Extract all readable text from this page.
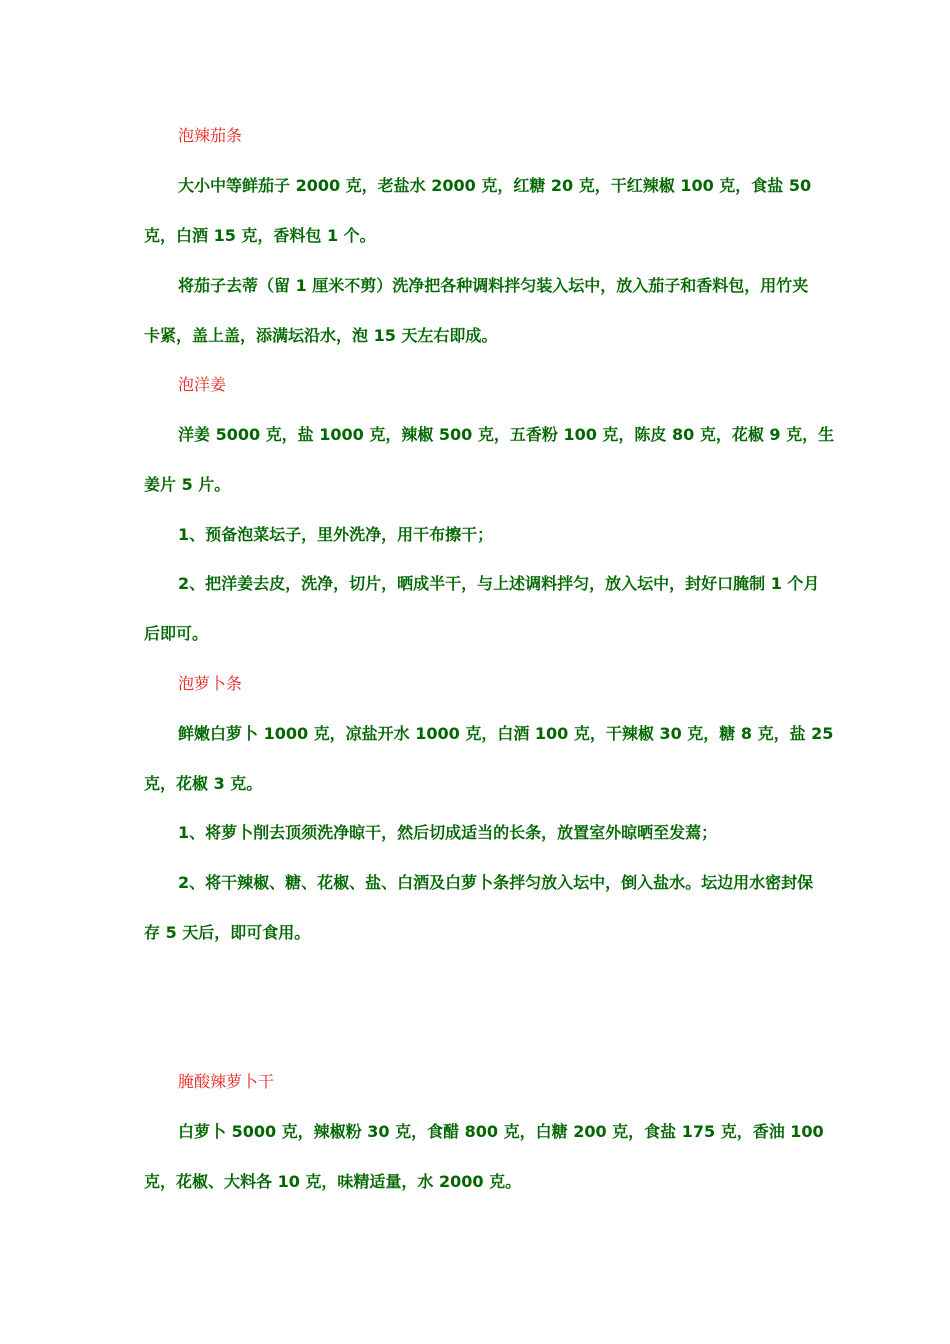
泡辣茄条
大小中等鲜茄子 2000 克，老盐水 2000 克，红糖 20 克，干红辣椒 100 克，食盐 50
克，白酒 15 克，香料包 1 个。
将茄子去蒂（留 1 厘米不剪）洗净把各种调料拌匀装入坛中，放入茄子和香料包，用竹夹
卡紧，盖上盖，添满坛沿水，泡 15 天左右即成。
泡洋姜
洋姜 5000 克，盐 1000 克，辣椒 500 克，五香粉 100 克，陈皮 80 克，花椒 9 克，生
姜片 5 片。
1、预备泡菜坛子，里外洗净，用干布擦干；
2、把洋姜去皮，洗净，切片，晒成半干，与上述调料拌匀，放入坛中，封好口腌制 1 个月
后即可。
泡萝卜条
鲜嫩白萝卜 1000 克，凉盐开水 1000 克，白酒 100 克，干辣椒 30 克，糖 8 克，盐 25
克，花椒 3 克。
1、将萝卜削去顶须洗净晾干，然后切成适当的长条，放置室外晾晒至发蔫；
2、将干辣椒、糖、花椒、盐、白酒及白萝卜条拌匀放入坛中，倒入盐水。坛边用水密封保
存 5 天后，即可食用。
腌酸辣萝卜干
白萝卜 5000 克，辣椒粉 30 克，食醋 800 克，白糖 200 克，食盐 175 克，香油 100
克，花椒、大料各 10 克，味精适量，水 2000 克。
